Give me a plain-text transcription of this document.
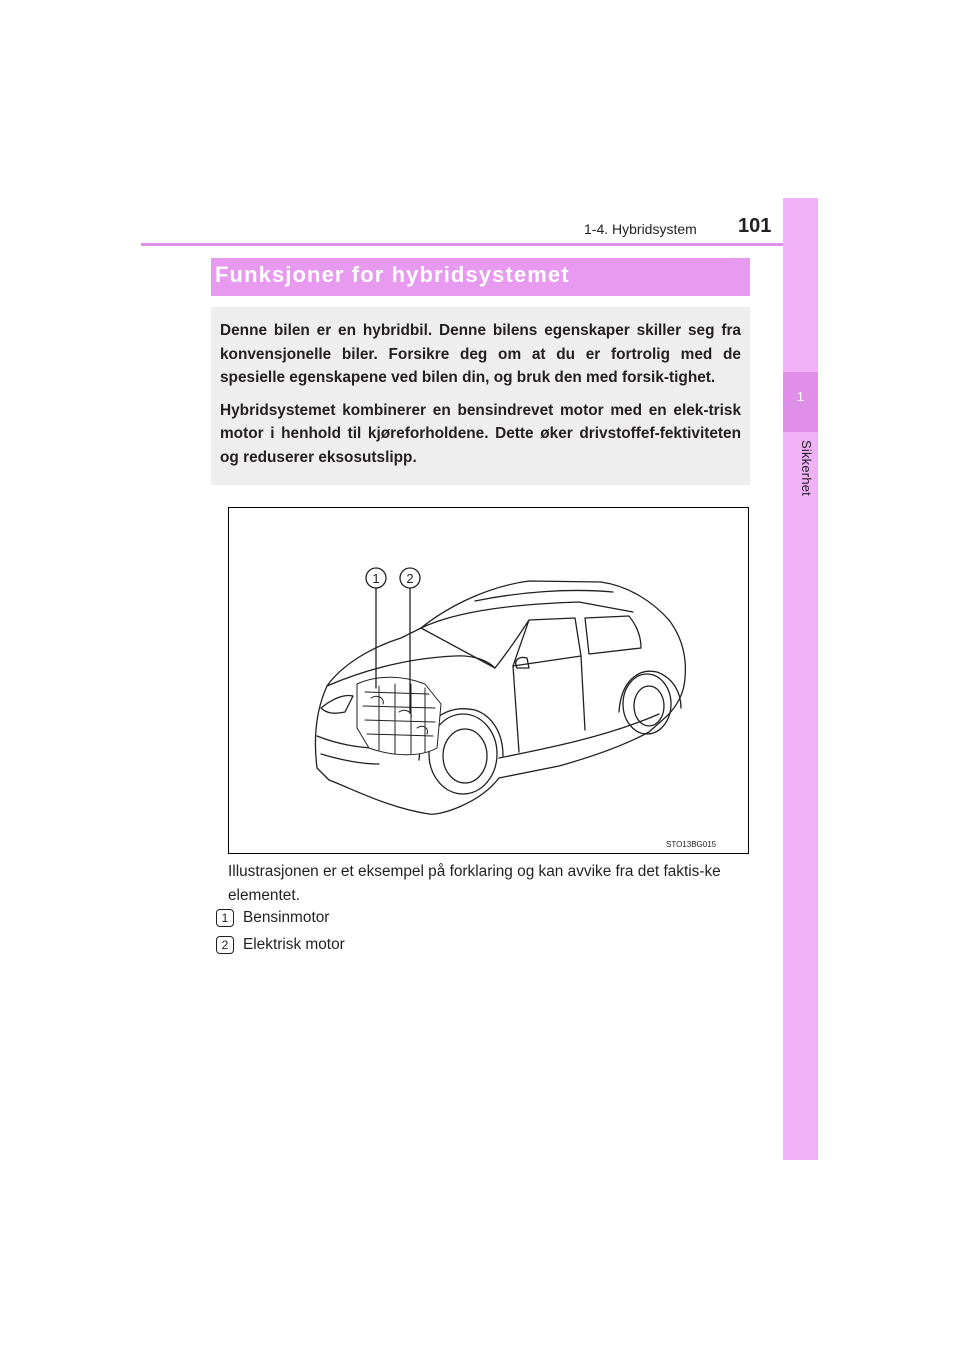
1-4. Hybridsystem 101
1
Sikkerhet
Funksjoner for hybridsystemet

Denne bilen er en hybridbil. Denne bilens egenskaper skiller seg fra konvensjonelle biler. Forsikre deg om at du er fortrolig med de spesielle egenskapene ved bilen din, og bruk den med forsik-tighet.

Hybridsystemet kombinerer en bensindrevet motor med en elek-trisk motor i henhold til kjøreforholdene. Dette øker drivstoffef-fektiviteten og reduserer eksosutslipp.

1 2
STO13BG015

Illustrasjonen er et eksempel på forklaring og kan avvike fra det faktis-ke elementet.

1 Bensinmotor
2 Elektrisk motor
